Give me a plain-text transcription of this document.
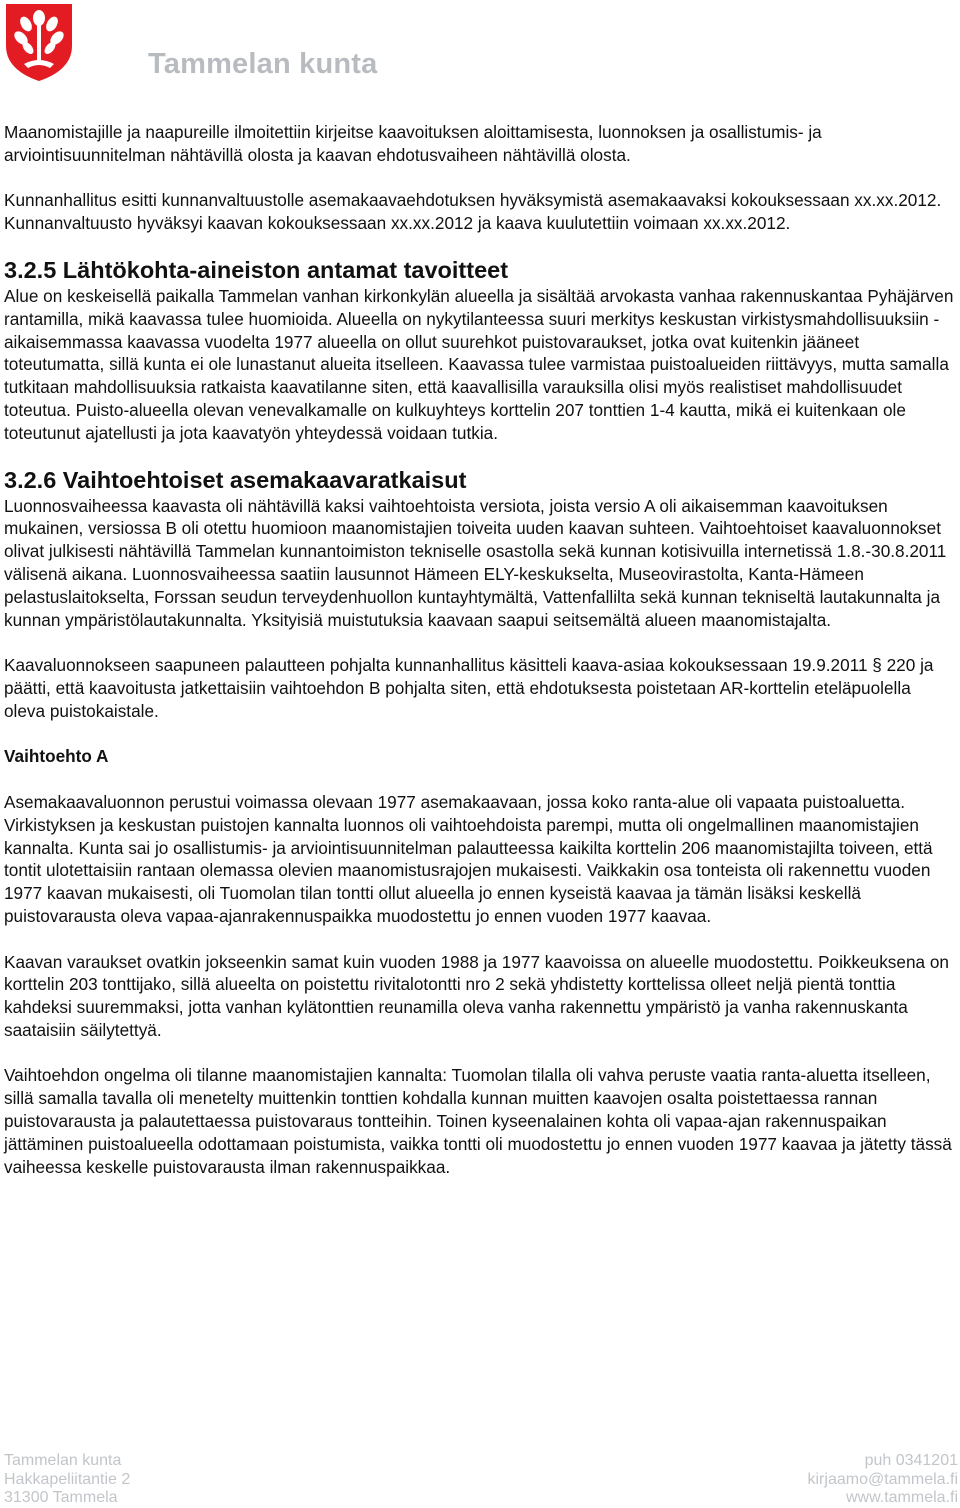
Tammelan kunta

Maanomistajille ja naapureille ilmoitettiin kirjeitse kaavoituksen aloittamisesta, luonnoksen ja osallistumis- ja arviointisuunnitelman nähtävillä olosta ja kaavan ehdotusvaiheen nähtävillä olosta.

Kunnanhallitus esitti kunnanvaltuustolle asemakaavaehdotuksen hyväksymistä asemakaavaksi kokouksessaan xx.xx.2012.

Kunnanvaltuusto hyväksyi kaavan kokouksessaan xx.xx.2012 ja kaava kuulutettiin voimaan xx.xx.2012.

3.2.5 Lähtökohta-aineiston antamat tavoitteet

Alue on keskeisellä paikalla Tammelan vanhan kirkonkylän alueella ja sisältää arvokasta vanhaa rakennuskantaa Pyhäjärven rantamilla, mikä kaavassa tulee huomioida. Alueella on nykytilanteessa suuri merkitys keskustan virkistysmahdollisuuksiin - aikaisemmassa kaavassa vuodelta 1977 alueella on ollut suurehkot puistovaraukset, jotka ovat kuitenkin jääneet toteutumatta, sillä kunta ei ole lunastanut alueita itselleen. Kaavassa tulee varmistaa puistoalueiden riittävyys, mutta samalla tutkitaan mahdollisuuksia ratkaista kaavatilanne siten, että kaavallisilla varauksilla olisi myös realistiset mahdollisuudet toteutua. Puisto-alueella olevan venevalkamalle on kulkuyhteys korttelin 207 tonttien 1-4 kautta, mikä ei kuitenkaan ole toteutunut ajatellusti ja jota kaavatyön yhteydessä voidaan tutkia.

3.2.6 Vaihtoehtoiset asemakaavaratkaisut

Luonnosvaiheessa kaavasta oli nähtävillä kaksi vaihtoehtoista versiota, joista versio A oli aikaisemman kaavoituksen mukainen, versiossa B oli otettu huomioon maanomistajien toiveita uuden kaavan suhteen. Vaihtoehtoiset kaavaluonnokset olivat julkisesti nähtävillä Tammelan kunnantoimiston tekniselle osastolla sekä kunnan kotisivuilla internetissä 1.8.-30.8.2011 välisenä aikana. Luonnosvaiheessa saatiin lausunnot Hämeen ELY-keskukselta, Museovirastolta, Kanta-Hämeen pelastuslaitokselta, Forssan seudun terveydenhuollon kuntayhtymältä, Vattenfallilta sekä kunnan tekniseltä lautakunnalta ja kunnan ympäristölautakunnalta. Yksityisiä muistutuksia kaavaan saapui seitsemältä alueen maanomistajalta.

Kaavaluonnokseen saapuneen palautteen pohjalta kunnanhallitus käsitteli kaava-asiaa kokouksessaan 19.9.2011 § 220 ja päätti, että kaavoitusta jatkettaisiin vaihtoehdon B pohjalta siten, että ehdotuksesta poistetaan AR-korttelin eteläpuolella oleva puistokaistale.

Vaihtoehto A

Asemakaavaluonnon perustui voimassa olevaan 1977 asemakaavaan, jossa koko ranta-alue oli vapaata puistoaluetta. Virkistyksen ja keskustan puistojen kannalta luonnos oli vaihtoehdoista parempi, mutta oli ongelmallinen maanomistajien kannalta. Kunta sai jo osallistumis- ja arviointisuunnitelman palautteessa kaikilta korttelin 206 maanomistajilta toiveen, että tontit ulotettaisiin rantaan olemassa olevien maanomistusrajojen mukaisesti. Vaikkakin osa tonteista oli rakennettu vuoden 1977 kaavan mukaisesti, oli Tuomolan tilan tontti ollut alueella jo ennen kyseistä kaavaa ja tämän lisäksi keskellä puistovarausta oleva vapaa-ajanrakennuspaikka muodostettu jo ennen vuoden 1977 kaavaa.

Kaavan varaukset ovatkin jokseenkin samat kuin vuoden 1988 ja 1977 kaavoissa on alueelle muodostettu. Poikkeuksena on korttelin 203 tonttijako, sillä alueelta on poistettu rivitalotontti nro 2 sekä yhdistetty korttelissa olleet neljä pientä tonttia kahdeksi suuremmaksi, jotta vanhan kylätonttien reunamilla oleva vanha rakennettu ympäristö ja vanha rakennuskanta saataisiin säilytettyä.

Vaihtoehdon ongelma oli tilanne maanomistajien kannalta: Tuomolan tilalla oli vahva peruste vaatia ranta-aluetta itselleen, sillä samalla tavalla oli menetelty muittenkin tonttien kohdalla kunnan muitten kaavojen osalta poistettaessa rannan puistovarausta ja palautettaessa puistovaraus tontteihin. Toinen kyseenalainen kohta oli vapaa-ajan rakennuspaikan jättäminen puistoalueella odottamaan poistumista, vaikka tontti oli muodostettu jo ennen vuoden 1977 kaavaa ja jätetty tässä vaiheessa keskelle puistovarausta ilman rakennuspaikkaa.

Tammelan kunta
Hakkapeliitantie 2
31300 Tammela
puh 0341201
kirjaamo@tammela.fi
www.tammela.fi
